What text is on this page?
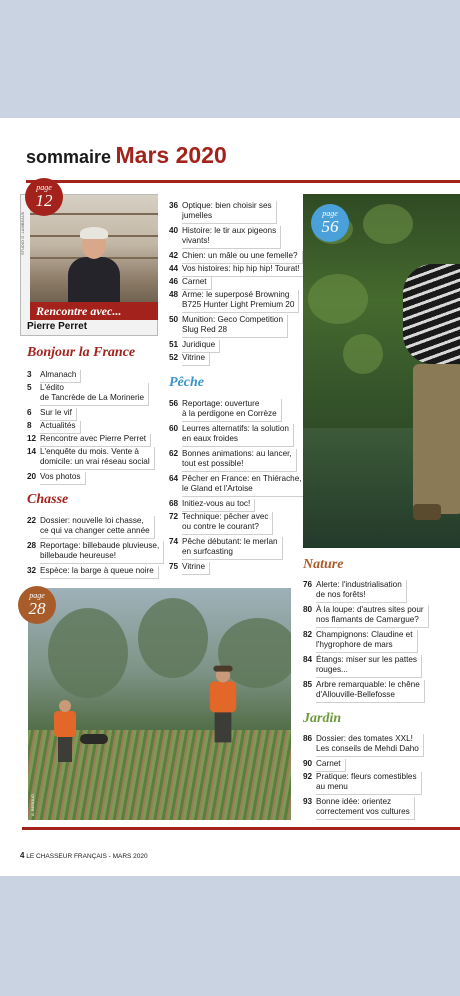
sommaire Mars 2020
Rencontre avec...
STUDIO G. LAMBEAUX
Pierre Perret
page
12
Bonjour la France
3	Almanach
5	L'édito
de Tancrède de La Morinerie
6	Sur le vif
8	Actualités
12 Rencontre avec Pierre Perret
14 L'enquête du mois. Vente à
domicile: un vrai réseau social
20 Vos photos
Chasse
22 Dossier: nouvelle loi chasse,
ce qui va changer cette année
28 Reportage: billebaude pluvieuse,
billebaude heureuse!
32 Espèce: la barge à queue noire
36 Optique: bien choisir ses
jumelles
40 Histoire: le tir aux pigeons
vivants!
42 Chien: un mâle ou une femelle?
44 Vos histoires: hip hip hip! Tourat!
46 Carnet
48 Arme: le superposé Browning
B725 Hunter Light Premium 20
50 Munition: Geco Competition
Slug Red 28
51 Juridique
52 Vitrine
Pêche
56 Reportage: ouverture
à la perdigone en Corrèze
60 Leurres alternatifs: la solution
en eaux froides
62 Bonnes animations: au lancer,
tout est possible!
64 Pêcher en France: en Thiérache,
le Gland et l'Artoise
68 Initiez-vous au toc!
72 Technique: pêcher avec
ou contre le courant?
74 Pêche débutant: le merlan
en surfcasting
75 Vitrine
page
56
Nature
76 Alerte: l'industrialisation
de nos forêts!
80 À la loupe: d'autres sites pour
nos flamants de Camargue?
82 Champignons: Claudine et
l'hygrophore de mars
84 Étangs: miser sur les pattes
rouges...
85 Arbre remarquable: le chêne
d'Allouville-Bellefosse
Jardin
86 Dossier: des tomates XXL!
Les conseils de Mehdi Daho
90 Carnet
92 Pratique: fleurs comestibles
au menu
93 Bonne idée: orientez
correctement vos cultures
A. BEROUD
page
28
4 LE CHASSEUR FRANÇAIS - MARS 2020
